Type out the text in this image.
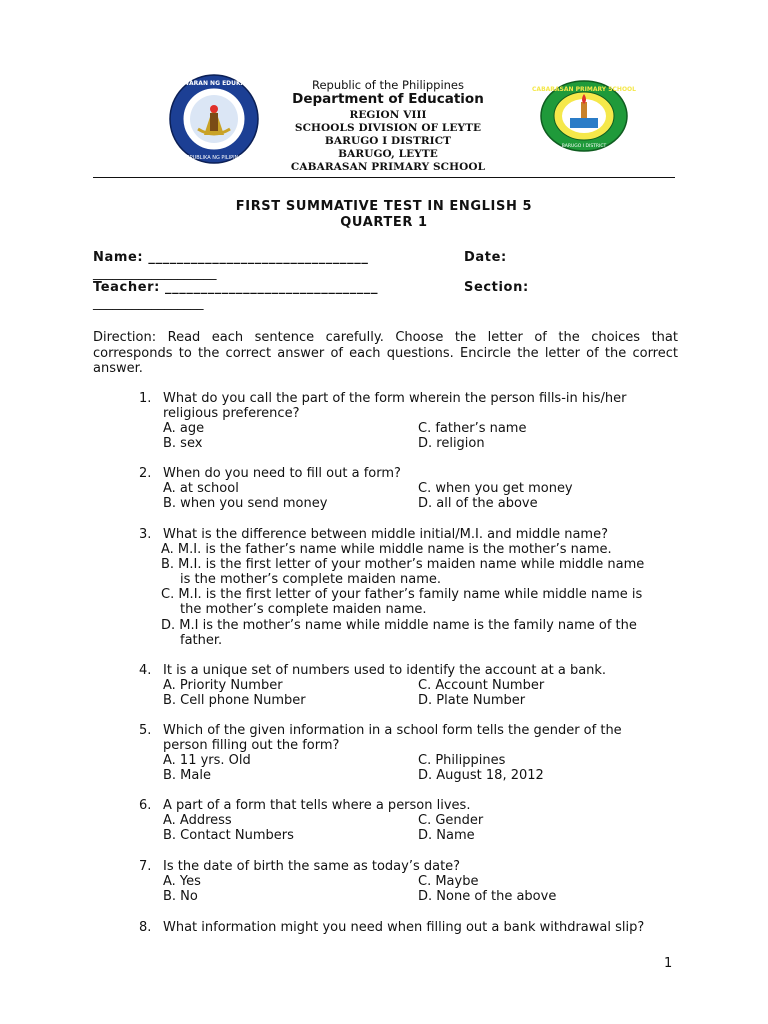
KAGAWARAN NG EDUKASYON
REPUBLIKA NG PILIPINAS
CABARASAN PRIMARY SCHOOL
BARUGO I DISTRICT
Republic of the Philippines
Department of Education
REGION VIII
SCHOOLS DIVISION OF LEYTE
BARUGO I DISTRICT
BARUGO, LEYTE
CABARASAN PRIMARY SCHOOL
FIRST SUMMATIVE TEST IN ENGLISH 5
QUARTER 1
Name: _______________________________	Date:
___________________
Teacher: ______________________________	Section:
_________________
Direction: Read each sentence carefully. Choose the letter of the choices that corresponds to the correct answer of each questions. Encircle the letter of the correct answer.
1. What do you call the part of the form wherein the person fills-in his/her
religious preference?
A. age	C. father’s name
B. sex	D. religion
2. When do you need to fill out a form?
A. at school	C. when you get money
B. when you send money	D. all of the above
3. What is the difference between middle initial/M.I. and middle name?
A. M.I. is the father’s name while middle name is the mother’s name.
B. M.I. is the first letter of your mother’s maiden name while middle name
is the mother’s complete maiden name.
C. M.I. is the first letter of your father’s family name while middle name is
the mother’s complete maiden name.
D. M.I is the mother’s name while middle name is the family name of the
father.
4. It is a unique set of numbers used to identify the account at a bank.
A. Priority Number	C. Account Number
B. Cell phone Number	D. Plate Number
5. Which of the given information in a school form tells the gender of the
person filling out the form?
A. 11 yrs. Old	C. Philippines
B. Male	D. August 18, 2012
6. A part of a form that tells where a person lives.
A. Address	C. Gender
B. Contact Numbers	D. Name
7. Is the date of birth the same as today’s date?
A. Yes	C. Maybe
B. No	D. None of the above
8. What information might you need when filling out a bank withdrawal slip?
1
